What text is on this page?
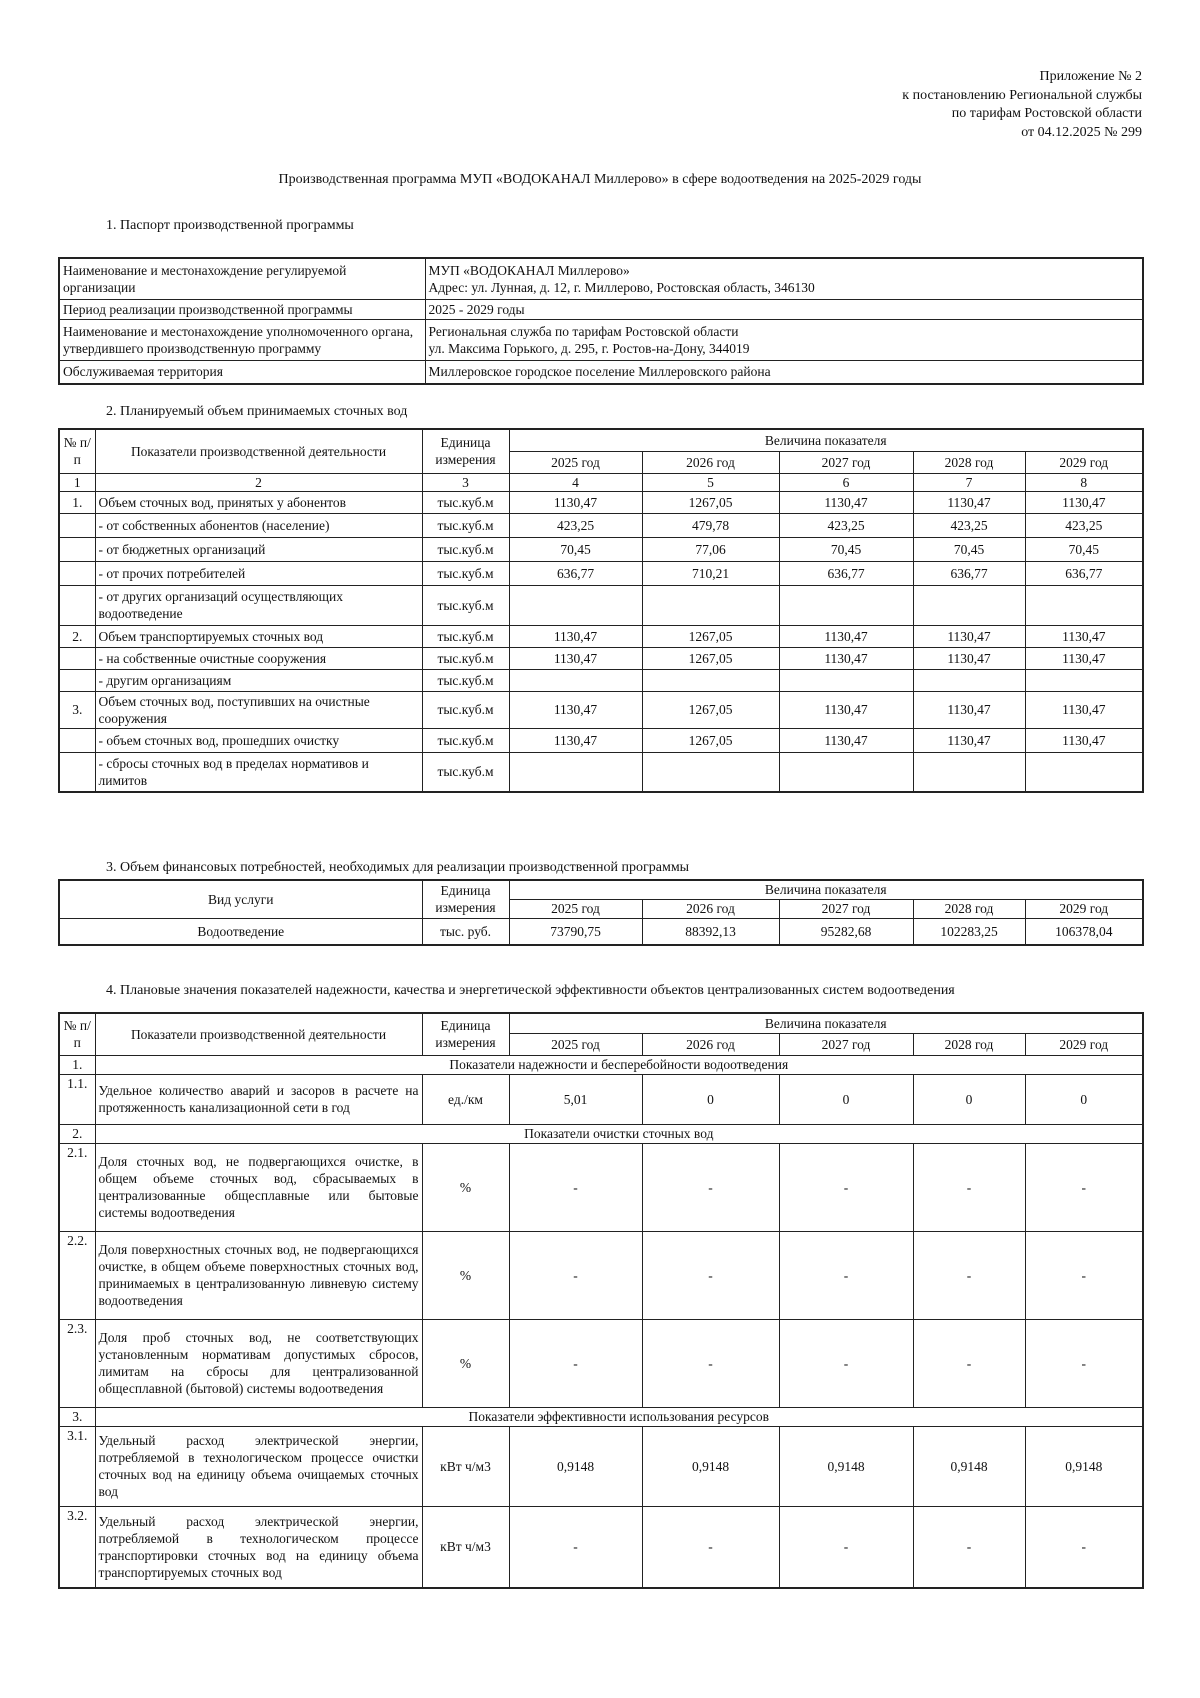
Приложение № 2
к постановлению Региональной службы
по тарифам Ростовской области
от 04.12.2025 № 299
Производственная программа МУП «ВОДОКАНАЛ Миллерово» в сфере водоотведения на 2025-2029 годы

1. Паспорт производственной программы

Наименование и местонахождение регулируемой организации	МУП «ВОДОКАНАЛ Миллерово»
Адрес: ул. Лунная, д. 12, г. Миллерово, Ростовская область, 346130

Период реализации производственной программы	2025 - 2029 годы
Наименование и местонахождение уполномоченного органа, утвердившего производственную программу	Региональная служба по тарифам Ростовской области
ул. Максима Горького, д. 295, г. Ростов-на-Дону, 344019

Обслуживаемая территория	Миллеровское городское поселение Миллеровского района

2. Планируемый объем принимаемых сточных вод

№ п/п	Показатели производственной деятельности	Единица измерения	Величина показателя				
			2025 год	2026 год	2027 год	2028 год	2029 год
1	2	3	4	5	6	7	8
1.	Объем сточных вод, принятых у абонентов	тыс.куб.м	1130,47	1267,05	1130,47	1130,47	1130,47
	- от собственных абонентов (население)	тыс.куб.м	423,25	479,78	423,25	423,25	423,25
	- от бюджетных организаций	тыс.куб.м	70,45	77,06	70,45	70,45	70,45
	- от прочих потребителей	тыс.куб.м	636,77	710,21	636,77	636,77	636,77
	- от других организаций осуществляющих водоотведение	тыс.куб.м					
2.	Объем транспортируемых сточных вод	тыс.куб.м	1130,47	1267,05	1130,47	1130,47	1130,47
	- на собственные очистные сооружения	тыс.куб.м	1130,47	1267,05	1130,47	1130,47	1130,47
	- другим организациям	тыс.куб.м					
3.	Объем сточных вод, поступивших на очистные сооружения	тыс.куб.м	1130,47	1267,05	1130,47	1130,47	1130,47
	- объем сточных вод, прошедших очистку	тыс.куб.м	1130,47	1267,05	1130,47	1130,47	1130,47
	- сбросы сточных вод в пределах нормативов и лимитов	тыс.куб.м					

3. Объем финансовых потребностей, необходимых для реализации производственной программы

Вид услуги	Единица измерения	Величина показателя				
		2025 год	2026 год	2027 год	2028 год	2029 год
Водоотведение	тыс. руб.	73790,75	88392,13	95282,68	102283,25	106378,04

4. Плановые значения показателей надежности, качества и энергетической эффективности объектов централизованных систем водоотведения

№ п/п	Показатели производственной деятельности	Единица измерения	Величина показателя				
			2025 год	2026 год	2027 год	2028 год	2029 год
1.	Показатели надежности и бесперебойности водоотведения						
1.1.	Удельное количество аварий и засоров в расчете на протяженность канализационной сети в год	ед./км	5,01	0	0	0	0
2.	Показатели очистки сточных вод						
2.1.	Доля сточных вод, не подвергающихся очистке, в общем объеме сточных вод, сбрасываемых в централизованные общесплавные или бытовые системы водоотведения	%	-	-	-	-	-
2.2.	Доля поверхностных сточных вод, не подвергающихся очистке, в общем объеме поверхностных сточных вод, принимаемых в централизованную ливневую систему водоотведения	%	-	-	-	-	-
2.3.	Доля проб сточных вод, не соответствующих установленным нормативам допустимых сбросов, лимитам на сбросы для централизованной общесплавной (бытовой) системы водоотведения	%	-	-	-	-	-
3.	Показатели эффективности использования ресурсов						
3.1.	Удельный расход электрической энергии, потребляемой в технологическом процессе очистки сточных вод на единицу объема очищаемых сточных вод	кВт ч/м3	0,9148	0,9148	0,9148	0,9148	0,9148
3.2.	Удельный расход электрической энергии, потребляемой в технологическом процессе транспортировки сточных вод на единицу объема транспортируемых сточных вод	кВт ч/м3	-	-	-	-	-
